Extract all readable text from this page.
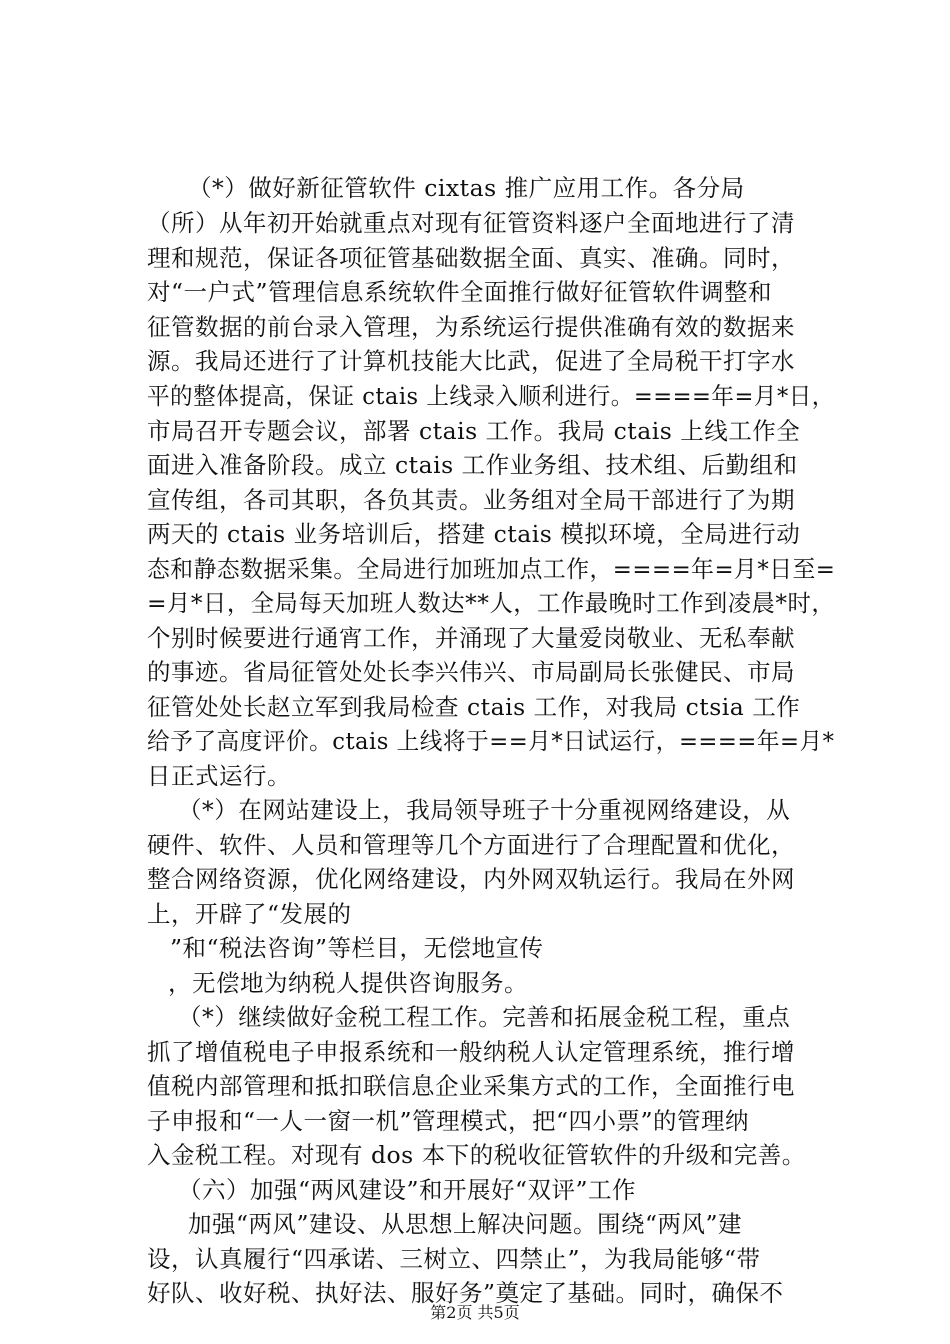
（*）做好新征管软件 cixtas 推广应用工作。各分局
（所）从年初开始就重点对现有征管资料逐户全面地进行了清
理和规范，保证各项征管基础数据全面、真实、准确。同时，
对“一户式”管理信息系统软件全面推行做好征管软件调整和
征管数据的前台录入管理，为系统运行提供准确有效的数据来
源。我局还进行了计算机技能大比武，促进了全局税干打字水
平的整体提高，保证 ctais 上线录入顺利进行。====年=月*日，
市局召开专题会议，部署 ctais 工作。我局 ctais 上线工作全
面进入准备阶段。成立 ctais 工作业务组、技术组、后勤组和
宣传组，各司其职，各负其责。业务组对全局干部进行了为期
两天的 ctais 业务培训后，搭建 ctais 模拟环境，全局进行动
态和静态数据采集。全局进行加班加点工作，====年=月*日至=
=月*日，全局每天加班人数达**人，工作最晚时工作到凌晨*时，
个别时候要进行通宵工作，并涌现了大量爱岗敬业、无私奉献
的事迹。省局征管处处长李兴伟兴、市局副局长张健民、市局
征管处处长赵立军到我局检查 ctais 工作，对我局 ctsia 工作
给予了高度评价。ctais 上线将于==月*日试运行，====年=月*
日正式运行。
（*）在网站建设上，我局领导班子十分重视网络建设，从
硬件、软件、人员和管理等几个方面进行了合理配置和优化，
整合网络资源，优化网络建设，内外网双轨运行。我局在外网
上，开辟了“发展的
”和“税法咨询”等栏目，无偿地宣传
，无偿地为纳税人提供咨询服务。
（*）继续做好金税工程工作。完善和拓展金税工程，重点
抓了增值税电子申报系统和一般纳税人认定管理系统，推行增
值税内部管理和抵扣联信息企业采集方式的工作，全面推行电
子申报和“一人一窗一机”管理模式，把“四小票”的管理纳
入金税工程。对现有 dos 本下的税收征管软件的升级和完善。
（六）加强“两风建设”和开展好“双评”工作
加强“两风”建设、从思想上解决问题。围绕“两风”建
设，认真履行“四承诺、三树立、四禁止”，为我局能够“带
好队、收好税、执好法、服好务”奠定了基础。同时，确保不
第2页 共5页
